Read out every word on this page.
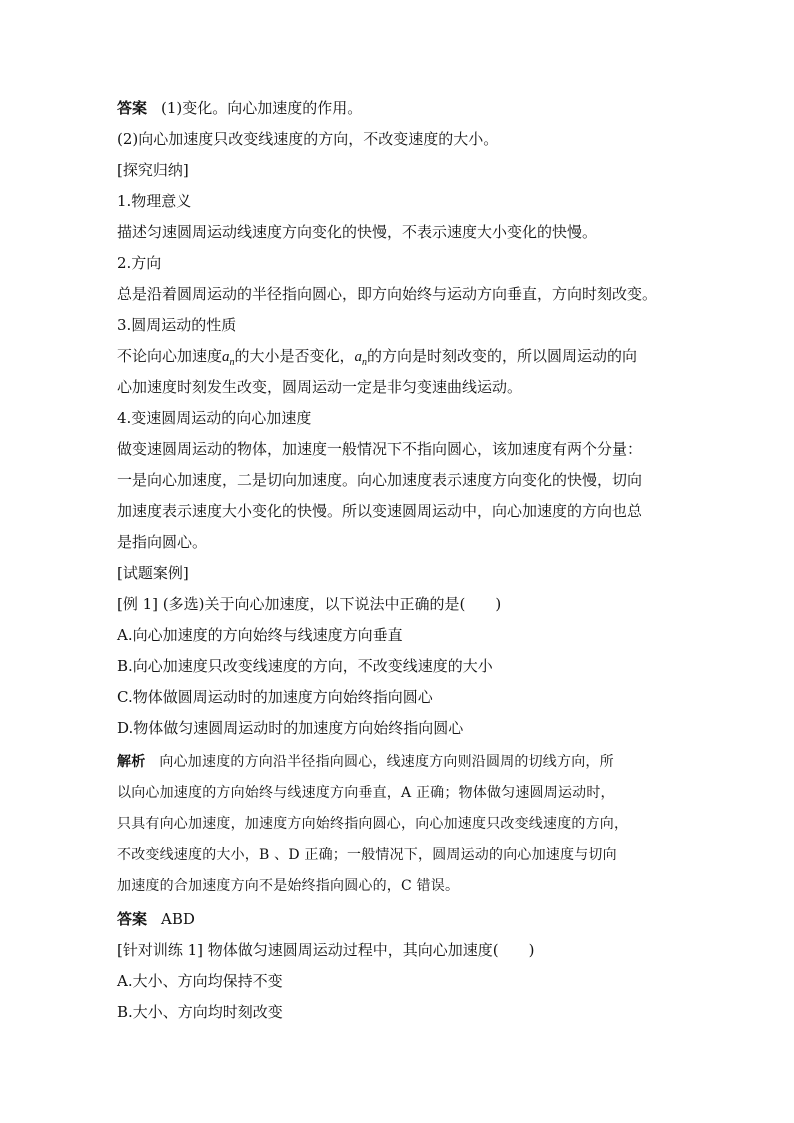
答案 (1)变化。向心加速度的作用。
(2)向心加速度只改变线速度的方向，不改变速度的大小。
[探究归纳]
1.物理意义
描述匀速圆周运动线速度方向变化的快慢，不表示速度大小变化的快慢。
2.方向
总是沿着圆周运动的半径指向圆心，即方向始终与运动方向垂直，方向时刻改变。
3.圆周运动的性质
不论向心加速度$a_n$的大小是否变化，$a_n$的方向是时刻改变的，所以圆周运动的向
心加速度时刻发生改变，圆周运动一定是非匀变速曲线运动。
4.变速圆周运动的向心加速度
做变速圆周运动的物体，加速度一般情况下不指向圆心，该加速度有两个分量：
一是向心加速度，二是切向加速度。向心加速度表示速度方向变化的快慢，切向
加速度表示速度大小变化的快慢。所以变速圆周运动中，向心加速度的方向也总
是指向圆心。
[试题案例]
[例 1] (多选)关于向心加速度，以下说法中正确的是(　　)
A.向心加速度的方向始终与线速度方向垂直
B.向心加速度只改变线速度的方向，不改变线速度的大小
C.物体做圆周运动时的加速度方向始终指向圆心
D.物体做匀速圆周运动时的加速度方向始终指向圆心
解析 向心加速度的方向沿半径指向圆心，线速度方向则沿圆周的切线方向，所
以向心加速度的方向始终与线速度方向垂直，A 正确；物体做匀速圆周运动时，
只具有向心加速度，加速度方向始终指向圆心，向心加速度只改变线速度的方向，
不改变线速度的大小，B 、D 正确；一般情况下，圆周运动的向心加速度与切向
加速度的合加速度方向不是始终指向圆心的，C 错误。
答案 ABD
[针对训练 1] 物体做匀速圆周运动过程中，其向心加速度(　　)
A.大小、方向均保持不变
B.大小、方向均时刻改变
